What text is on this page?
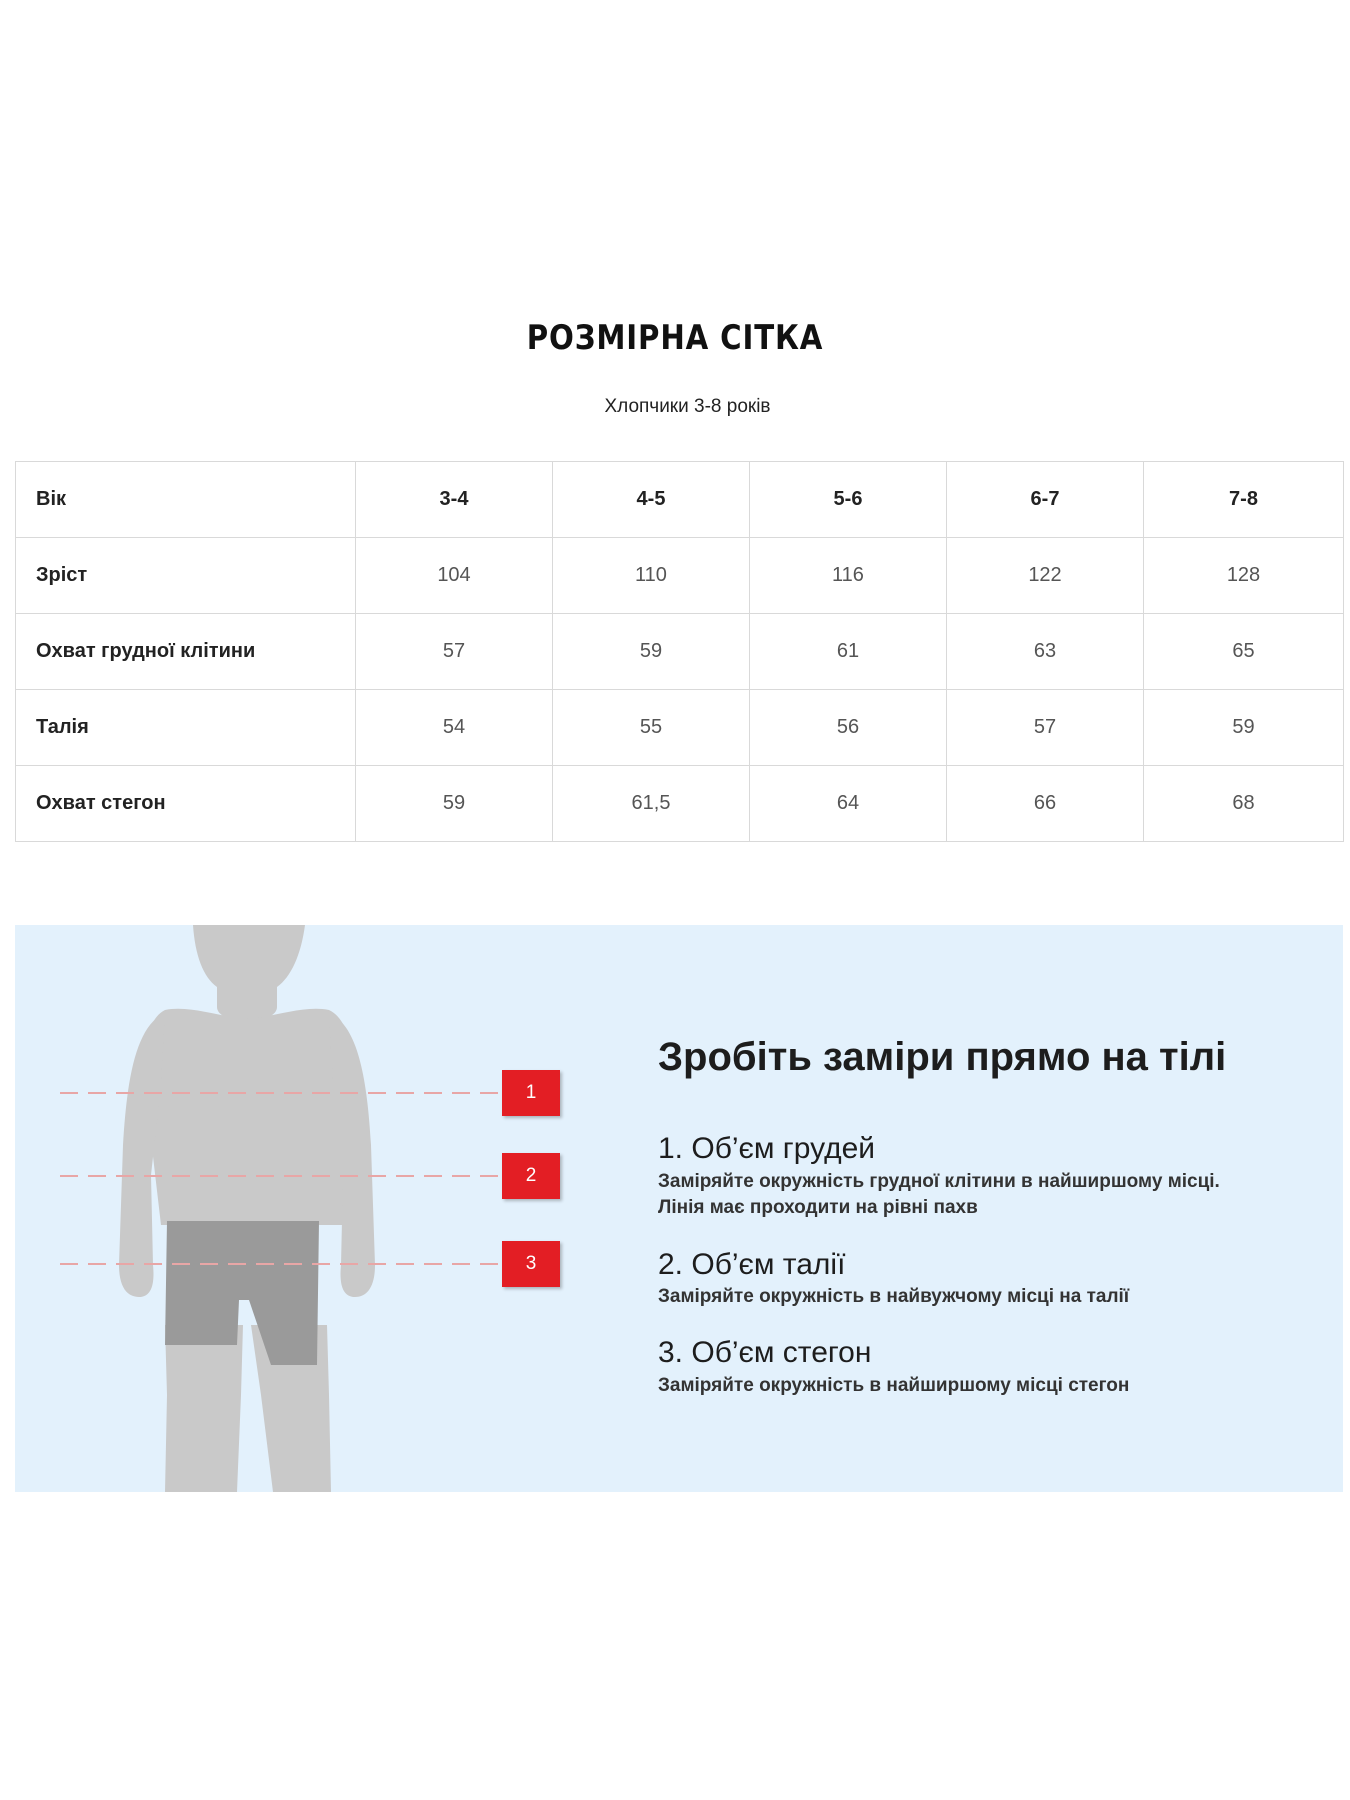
РОЗМІРНА СІТКА
Хлопчики 3-8 років
Вік	3-4	4-5	5-6	6-7	7-8
Зріст	104	110	116	122	128
Охват грудної клітини	57	59	61	63	65
Талія	54	55	56	57	59
Охват стегон	59	61,5	64	66	68
1
2
3
Зробіть заміри прямо на тілі
1. Об’єм грудей
Заміряйте окружність грудної клітини в найширшому місці.
Лінія має проходити на рівні пахв
2. Об’єм талії
Заміряйте окружність в найвужчому місці на талії
3. Об’єм стегон
Заміряйте окружність в найширшому місці стегон
